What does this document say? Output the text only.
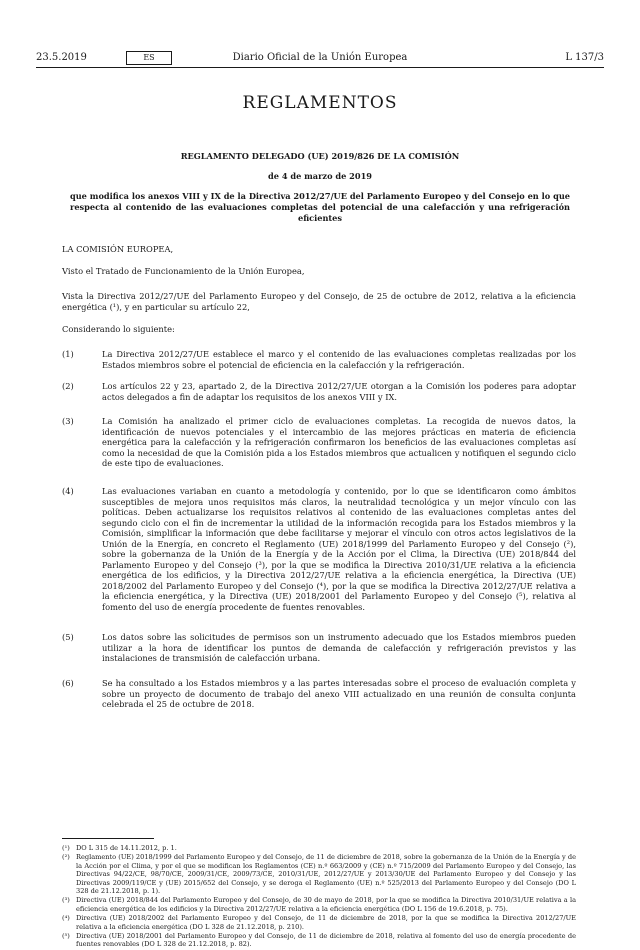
23.5.2019	ES	Diario Oficial de la Unión Europea	L 137/3
REGLAMENTOS
REGLAMENTO DELEGADO (UE) 2019/826 DE LA COMISIÓN
de 4 de marzo de 2019
que modifica los anexos VIII y IX de la Directiva 2012/27/UE del Parlamento Europeo y del Consejo en lo que respecta al contenido de las evaluaciones completas del potencial de una calefacción y una refrigeración eficientes
LA COMISIÓN EUROPEA,
Visto el Tratado de Funcionamiento de la Unión Europea,
Vista la Directiva 2012/27/UE del Parlamento Europeo y del Consejo, de 25 de octubre de 2012, relativa a la eficiencia energética (¹), y en particular su artículo 22,
Considerando lo siguiente:
(1)	La Directiva 2012/27/UE establece el marco y el contenido de las evaluaciones completas realizadas por los Estados miembros sobre el potencial de eficiencia en la calefacción y la refrigeración.
(2)	Los artículos 22 y 23, apartado 2, de la Directiva 2012/27/UE otorgan a la Comisión los poderes para adoptar actos delegados a fin de adaptar los requisitos de los anexos VIII y IX.
(3)	La Comisión ha analizado el primer ciclo de evaluaciones completas. La recogida de nuevos datos, la identificación de nuevos potenciales y el intercambio de las mejores prácticas en materia de eficiencia energética para la calefacción y la refrigeración confirmaron los beneficios de las evaluaciones completas así como la necesidad de que la Comisión pida a los Estados miembros que actualicen y notifiquen el segundo ciclo de este tipo de evaluaciones.
(4)	Las evaluaciones variaban en cuanto a metodología y contenido, por lo que se identificaron como ámbitos susceptibles de mejora unos requisitos más claros, la neutralidad tecnológica y un mejor vínculo con las políticas. Deben actualizarse los requisitos relativos al contenido de las evaluaciones completas antes del segundo ciclo con el fin de incrementar la utilidad de la información recogida para los Estados miembros y la Comisión, simplificar la información que debe facilitarse y mejorar el vínculo con otros actos legislativos de la Unión de la Energía, en concreto el Reglamento (UE) 2018/1999 del Parlamento Europeo y del Consejo (²), sobre la gobernanza de la Unión de la Energía y de la Acción por el Clima, la Directiva (UE) 2018/844 del Parlamento Europeo y del Consejo (³), por la que se modifica la Directiva 2010/31/UE relativa a la eficiencia energética de los edificios, y la Directiva 2012/27/UE relativa a la eficiencia energética, la Directiva (UE) 2018/2002 del Parlamento Europeo y del Consejo (⁴), por la que se modifica la Directiva 2012/27/UE relativa a la eficiencia energética, y la Directiva (UE) 2018/2001 del Parlamento Europeo y del Consejo (⁵), relativa al fomento del uso de energía procedente de fuentes renovables.
(5)	Los datos sobre las solicitudes de permisos son un instrumento adecuado que los Estados miembros pueden utilizar a la hora de identificar los puntos de demanda de calefacción y refrigeración previstos y las instalaciones de transmisión de calefacción urbana.
(6)	Se ha consultado a los Estados miembros y a las partes interesadas sobre el proceso de evaluación completa y sobre un proyecto de documento de trabajo del anexo VIII actualizado en una reunión de consulta conjunta celebrada el 25 de octubre de 2018.
(¹) DO L 315 de 14.11.2012, p. 1.
(²) Reglamento (UE) 2018/1999 del Parlamento Europeo y del Consejo, de 11 de diciembre de 2018, sobre la gobernanza de la Unión de la Energía y de la Acción por el Clima, y por el que se modifican los Reglamentos (CE) n.º 663/2009 y (CE) n.º 715/2009 del Parlamento Europeo y del Consejo, las Directivas 94/22/CE, 98/70/CE, 2009/31/CE, 2009/73/CE, 2010/31/UE, 2012/27/UE y 2013/30/UE del Parlamento Europeo y del Consejo y las Directivas 2009/119/CE y (UE) 2015/652 del Consejo, y se deroga el Reglamento (UE) n.º 525/2013 del Parlamento Europeo y del Consejo (DO L 328 de 21.12.2018, p. 1).
(³) Directiva (UE) 2018/844 del Parlamento Europeo y del Consejo, de 30 de mayo de 2018, por la que se modifica la Directiva 2010/31/UE relativa a la eficiencia energética de los edificios y la Directiva 2012/27/UE relativa a la eficiencia energética (DO L 156 de 19.6.2018, p. 75).
(⁴) Directiva (UE) 2018/2002 del Parlamento Europeo y del Consejo, de 11 de diciembre de 2018, por la que se modifica la Directiva 2012/27/UE relativa a la eficiencia energética (DO L 328 de 21.12.2018, p. 210).
(⁵) Directiva (UE) 2018/2001 del Parlamento Europeo y del Consejo, de 11 de diciembre de 2018, relativa al fomento del uso de energía procedente de fuentes renovables (DO L 328 de 21.12.2018, p. 82).
